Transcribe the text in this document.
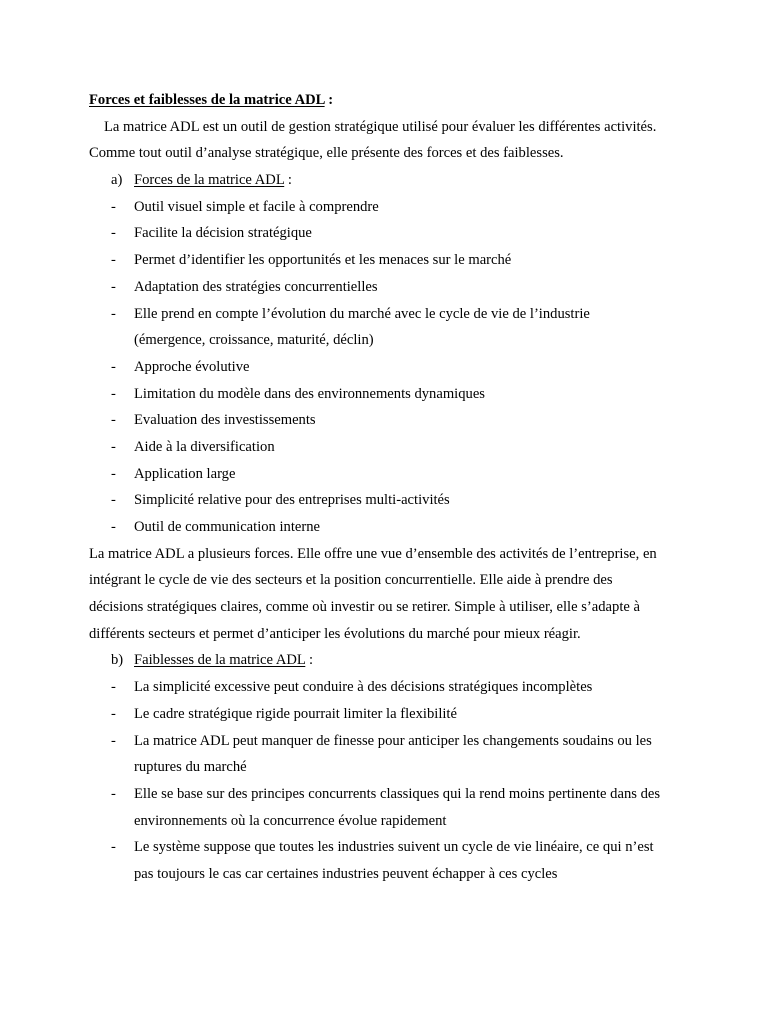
Forces et faiblesses de la matrice ADL :
La matrice ADL est un outil de gestion stratégique utilisé pour évaluer les différentes activités.
Comme tout outil d’analyse stratégique, elle présente des forces et des faiblesses.
a) Forces de la matrice ADL :
- Outil visuel simple et facile à comprendre
- Facilite la décision stratégique
- Permet d’identifier les opportunités et les menaces sur le marché
- Adaptation des stratégies concurrentielles
- Elle prend en compte l’évolution du marché avec le cycle de vie de l’industrie
(émergence, croissance, maturité, déclin)
- Approche évolutive
- Limitation du modèle dans des environnements dynamiques
- Evaluation des investissements
- Aide à la diversification
- Application large
- Simplicité relative pour des entreprises multi-activités
- Outil de communication interne
La matrice ADL a plusieurs forces. Elle offre une vue d’ensemble des activités de l’entreprise, en
intégrant le cycle de vie des secteurs et la position concurrentielle. Elle aide à prendre des
décisions stratégiques claires, comme où investir ou se retirer. Simple à utiliser, elle s’adapte à
différents secteurs et permet d’anticiper les évolutions du marché pour mieux réagir.
b) Faiblesses de la matrice ADL :
- La simplicité excessive peut conduire à des décisions stratégiques incomplètes
- Le cadre stratégique rigide pourrait limiter la flexibilité
- La matrice ADL peut manquer de finesse pour anticiper les changements soudains ou les
ruptures du marché
- Elle se base sur des principes concurrents classiques qui la rend moins pertinente dans des
environnements où la concurrence évolue rapidement
- Le système suppose que toutes les industries suivent un cycle de vie linéaire, ce qui n’est
pas toujours le cas car certaines industries peuvent échapper à ces cycles
